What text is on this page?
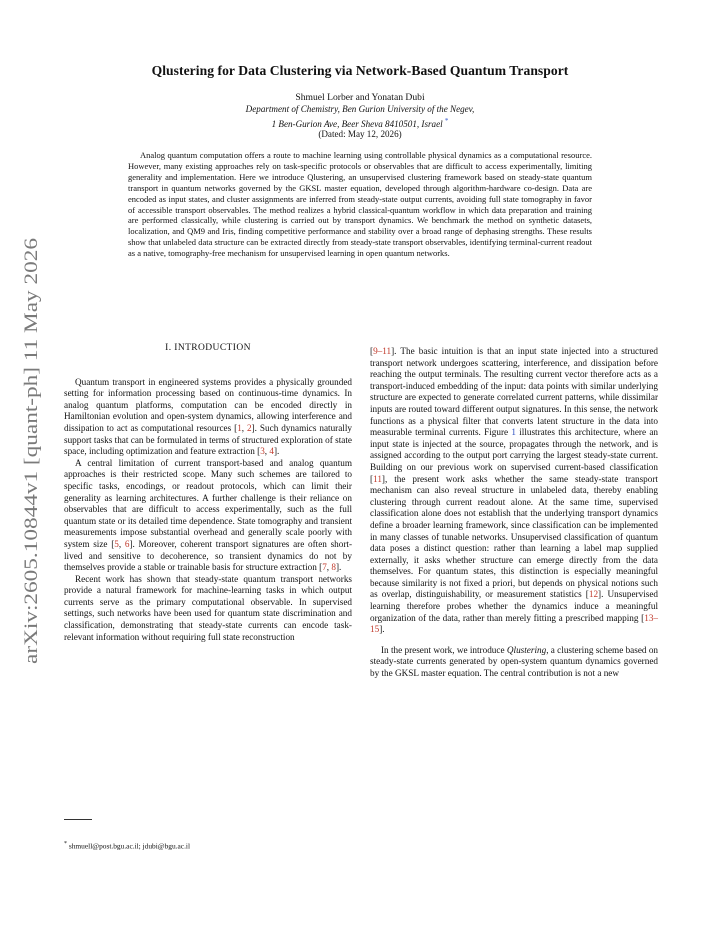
arXiv:2605.10844v1 [quant-ph] 11 May 2026
Qlustering for Data Clustering via Network-Based Quantum Transport
Shmuel Lorber and Yonatan Dubi
Department of Chemistry, Ben Gurion University of the Negev,
1 Ben-Gurion Ave, Beer Sheva 8410501, Israel *
(Dated: May 12, 2026)

Analog quantum computation offers a route to machine learning using controllable physical dynamics as a computational resource. However, many existing approaches rely on task-specific protocols or observables that are difficult to access experimentally, limiting generality and implementation. Here we introduce Qlustering, an unsupervised clustering framework based on steady-state quantum transport in quantum networks governed by the GKSL master equation, developed through algorithm-hardware co-design. Data are encoded as input states, and cluster assignments are inferred from steady-state output currents, avoiding full state tomography in favor of accessible transport observables. The method realizes a hybrid classical-quantum workflow in which data preparation and training are performed classically, while clustering is carried out by transport dynamics. We benchmark the method on synthetic datasets, localization, and QM9 and Iris, finding competitive performance and stability over a broad range of dephasing strengths. These results show that unlabeled data structure can be extracted directly from steady-state transport observables, identifying terminal-current readout as a native, tomography-free mechanism for unsupervised learning in open quantum networks.

I. INTRODUCTION

Quantum transport in engineered systems provides a physically grounded setting for information processing based on continuous-time dynamics. In analog quantum platforms, computation can be encoded directly in Hamiltonian evolution and open-system dynamics, allowing interference and dissipation to act as computational resources [1, 2]. Such dynamics naturally support tasks that can be formulated in terms of structured exploration of state space, including optimization and feature extraction [3, 4].

A central limitation of current transport-based and analog quantum approaches is their restricted scope. Many such schemes are tailored to specific tasks, encodings, or readout protocols, which can limit their generality as learning architectures. A further challenge is their reliance on observables that are difficult to access experimentally, such as the full quantum state or its detailed time dependence. State tomography and transient measurements impose substantial overhead and generally scale poorly with system size [5, 6]. Moreover, coherent transport signatures are often short-lived and sensitive to decoherence, so transient dynamics do not by themselves provide a stable or trainable basis for structure extraction [7, 8].

Recent work has shown that steady-state quantum transport networks provide a natural framework for machine-learning tasks in which output currents serve as the primary computational observable. In supervised settings, such networks have been used for quantum state discrimination and classification, demonstrating that steady-state currents can encode task-relevant information without requiring full state reconstruction

[9–11]. The basic intuition is that an input state injected into a structured transport network undergoes scattering, interference, and dissipation before reaching the output terminals. The resulting current vector therefore acts as a transport-induced embedding of the input: data points with similar underlying structure are expected to generate correlated current patterns, while dissimilar inputs are routed toward different output signatures. In this sense, the network functions as a physical filter that converts latent structure in the data into measurable terminal currents. Figure 1 illustrates this architecture, where an input state is injected at the source, propagates through the network, and is assigned according to the output port carrying the largest steady-state current. Building on our previous work on supervised current-based classification [11], the present work asks whether the same steady-state transport mechanism can also reveal structure in unlabeled data, thereby enabling clustering through current readout alone. At the same time, supervised classification alone does not establish that the underlying transport dynamics define a broader learning framework, since classification can be implemented in many classes of tunable networks. Unsupervised classification of quantum data poses a distinct question: rather than learning a label map supplied externally, it asks whether structure can emerge directly from the data themselves. For quantum states, this distinction is especially meaningful because similarity is not fixed a priori, but depends on physical notions such as overlap, distinguishability, or measurement statistics [12]. Unsupervised learning therefore probes whether the dynamics induce a meaningful organization of the data, rather than merely fitting a prescribed mapping [13–15].

In the present work, we introduce Qlustering, a clustering scheme based on steady-state currents generated by open-system quantum dynamics governed by the GKSL master equation. The central contribution is not a new

* shmuell@post.bgu.ac.il; jdubi@bgu.ac.il
